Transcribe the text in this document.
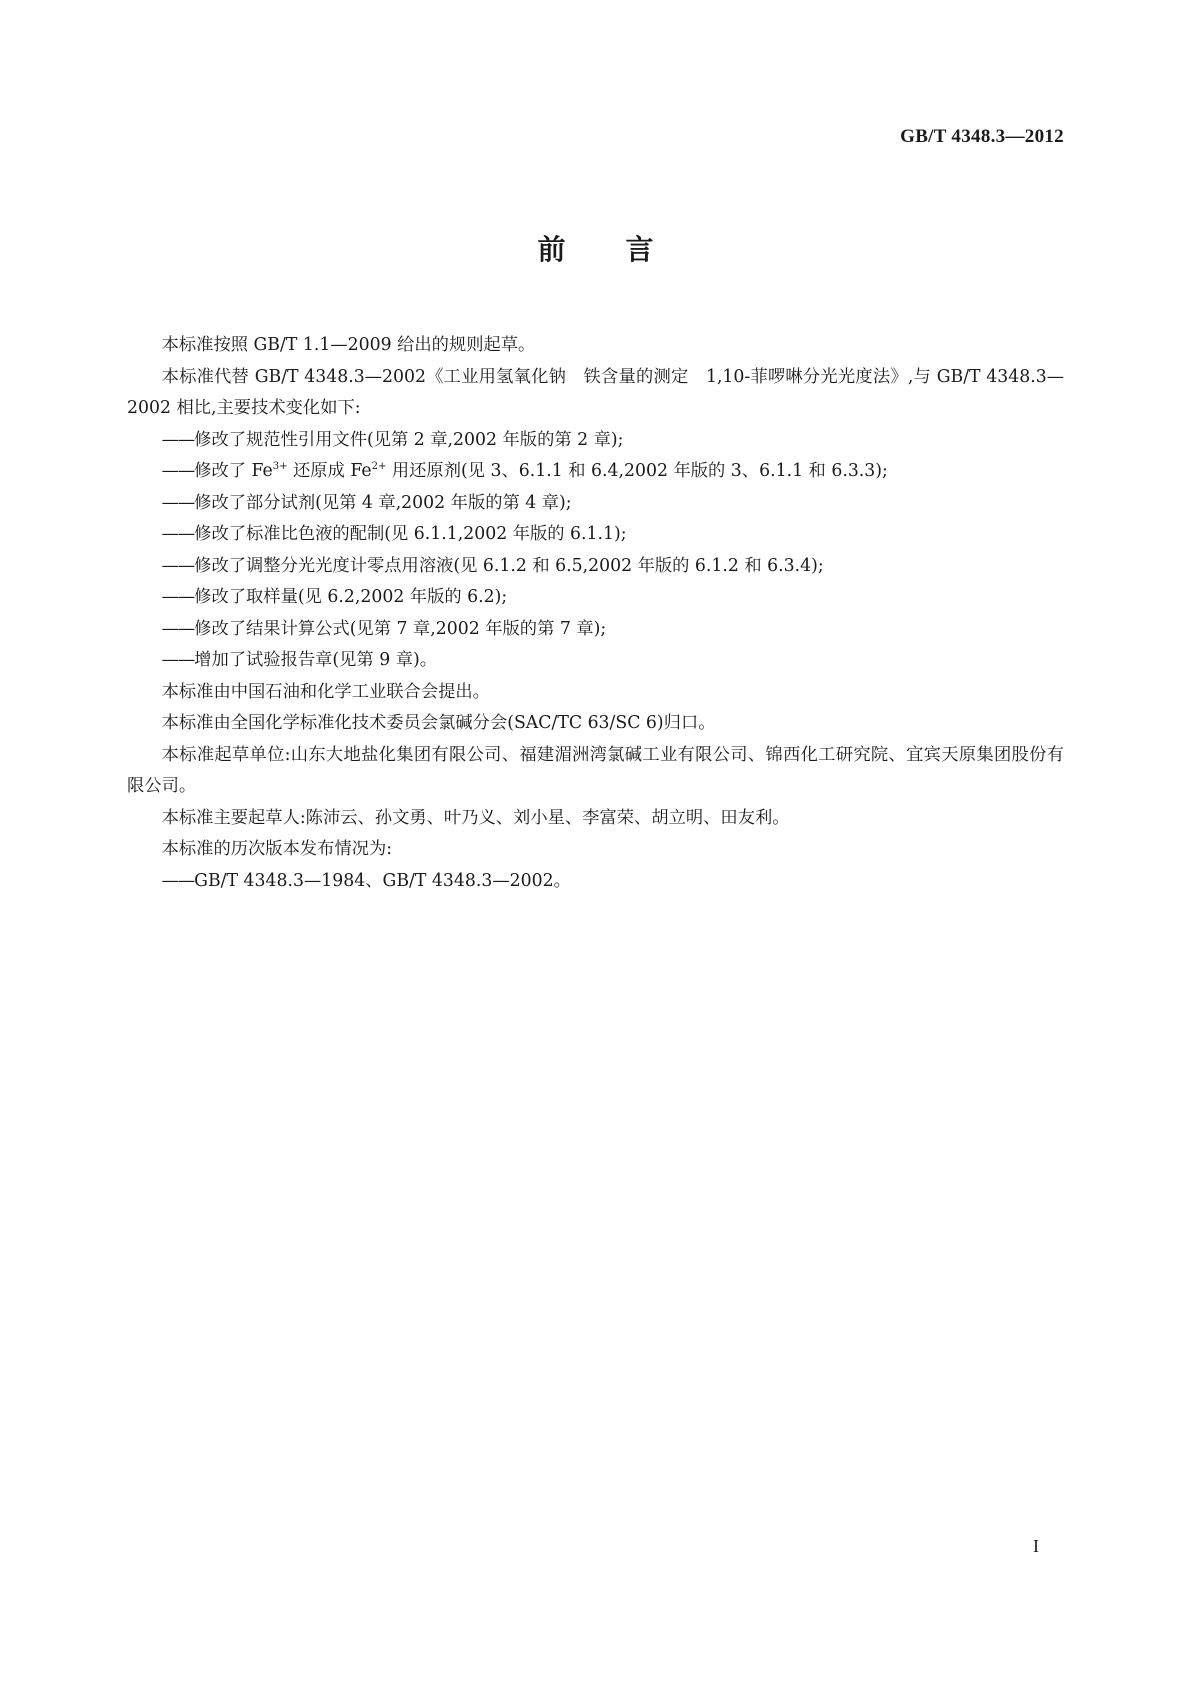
GB/T 4348.3—2012
前言

本标准按照 GB/T 1.1—2009 给出的规则起草。

本标准代替 GB/T 4348.3—2002《工业用氢氧化钠　铁含量的测定　1,10-菲啰啉分光光度法》,与 GB/T 4348.3—2002 相比,主要技术变化如下:

——修改了规范性引用文件(见第 2 章,2002 年版的第 2 章);

——修改了 $Fe^{3+}$ 还原成 $Fe^{2+}$ 用还原剂(见 3、6.1.1 和 6.4,2002 年版的 3、6.1.1 和 6.3.3);

——修改了部分试剂(见第 4 章,2002 年版的第 4 章);

——修改了标准比色液的配制(见 6.1.1,2002 年版的 6.1.1);

——修改了调整分光光度计零点用溶液(见 6.1.2 和 6.5,2002 年版的 6.1.2 和 6.3.4);

——修改了取样量(见 6.2,2002 年版的 6.2);

——修改了结果计算公式(见第 7 章,2002 年版的第 7 章);

——增加了试验报告章(见第 9 章)。

本标准由中国石油和化学工业联合会提出。

本标准由全国化学标准化技术委员会氯碱分会(SAC/TC 63/SC 6)归口。

本标准起草单位:山东大地盐化集团有限公司、福建湄洲湾氯碱工业有限公司、锦西化工研究院、宜宾天原集团股份有限公司。

本标准主要起草人:陈沛云、孙文勇、叶乃义、刘小星、李富荣、胡立明、田友利。

本标准的历次版本发布情况为:

——GB/T 4348.3—1984、GB/T 4348.3—2002。

I
